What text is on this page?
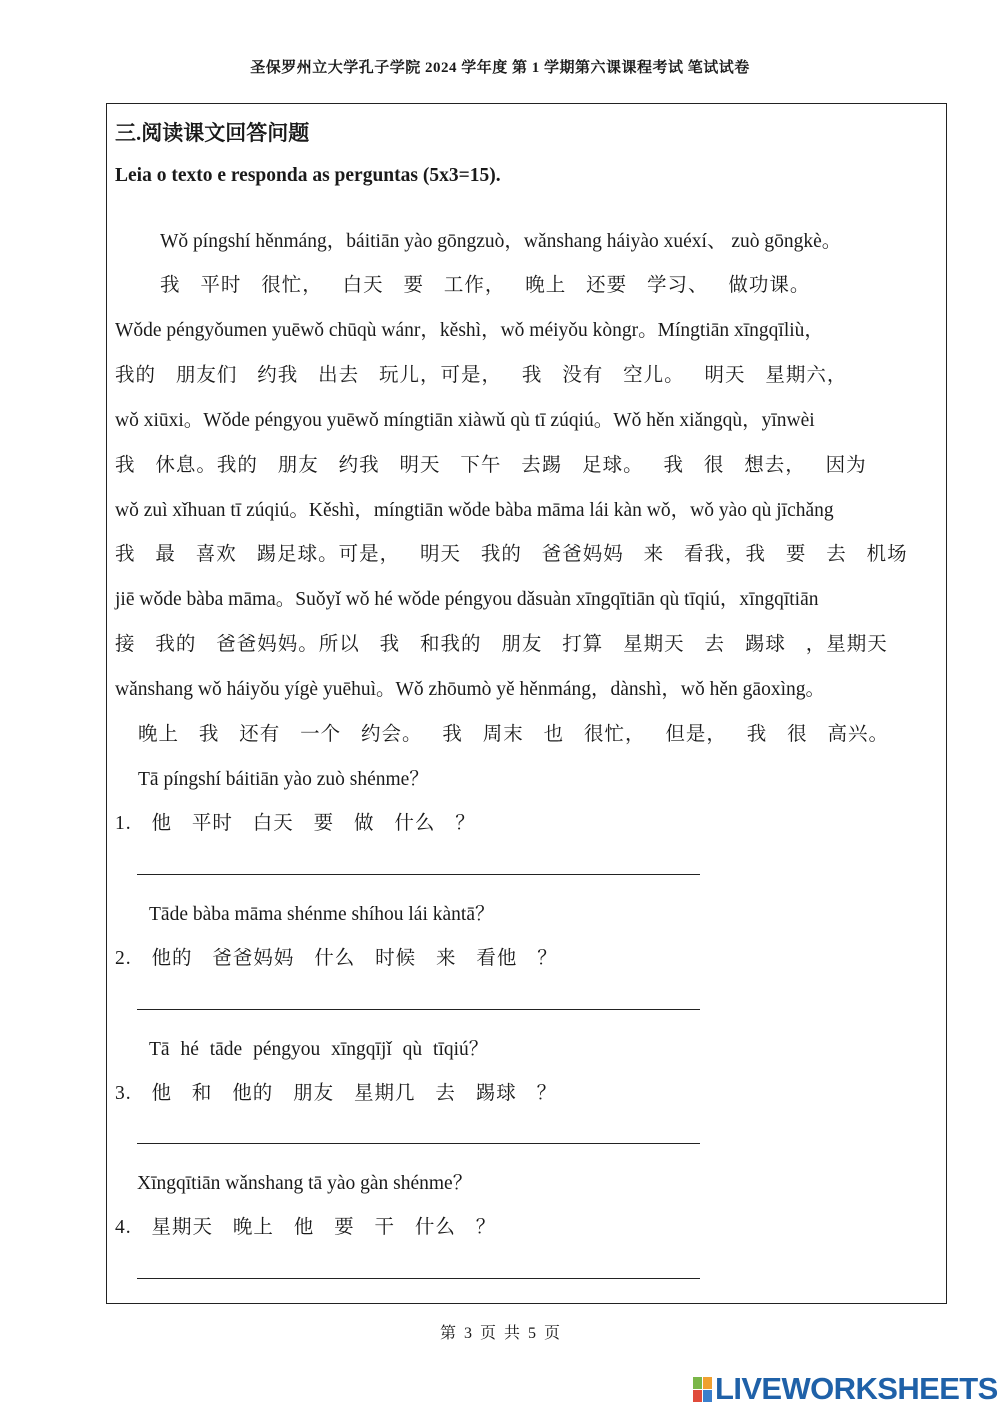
圣保罗州立大学孔子学院 2024 学年度 第 1 学期第六课课程考试 笔试试卷
三.阅读课文回答问题
Leia o texto e responda as perguntas (5x3=15).
Wǒ píngshí hěnmáng，báitiān yào gōngzuò，wǎnshang háiyào xuéxí、 zuò gōngkè。
我 平时 很忙， 白天 要 工作， 晚上 还要 学习、 做功课。
Wǒde péngyǒumen yuēwǒ chūqù wánr，kěshì，wǒ méiyǒu kòngr。Míngtiān xīngqīliù，
我的 朋友们 约我 出去 玩儿，可是， 我 没有 空儿。 明天 星期六，
wǒ xiūxi。Wǒde péngyou yuēwǒ míngtiān xiàwǔ qù tī zúqiú。Wǒ hěn xiǎngqù，yīnwèi
我 休息。我的 朋友 约我 明天 下午 去踢 足球。 我 很 想去， 因为
wǒ zuì xǐhuan tī zúqiú。Kěshì，míngtiān wǒde bàba māma lái kàn wǒ，wǒ yào qù jīchǎng
我 最 喜欢 踢足球。可是， 明天 我的 爸爸妈妈 来 看我，我 要 去 机场
jiē wǒde bàba māma。Suǒyǐ wǒ hé wǒde péngyou dǎsuàn xīngqītiān qù tīqiú，xīngqītiān
接 我的 爸爸妈妈。所以 我 和我的 朋友 打算 星期天 去 踢球 ，星期天
wǎnshang wǒ háiyǒu yígè yuēhuì。Wǒ zhōumò yě hěnmáng，dànshì，wǒ hěn gāoxìng。
晚上 我 还有 一个 约会。 我 周末 也 很忙， 但是， 我 很 高兴。
Tā píngshí báitiān yào zuò shénme？
1. 他 平时 白天 要 做 什么 ？
Tāde bàba māma shénme shíhou lái kàntā？
2. 他的 爸爸妈妈 什么 时候 来 看他 ？
Tā hé tāde péngyou xīngqījǐ qù tīqiú？
3. 他 和 他的 朋友 星期几 去 踢球 ？
Xīngqītiān wǎnshang tā yào gàn shénme？
4. 星期天 晚上 他 要 干 什么 ？
第 3 页 共 5 页
LIVEWORKSHEETS
